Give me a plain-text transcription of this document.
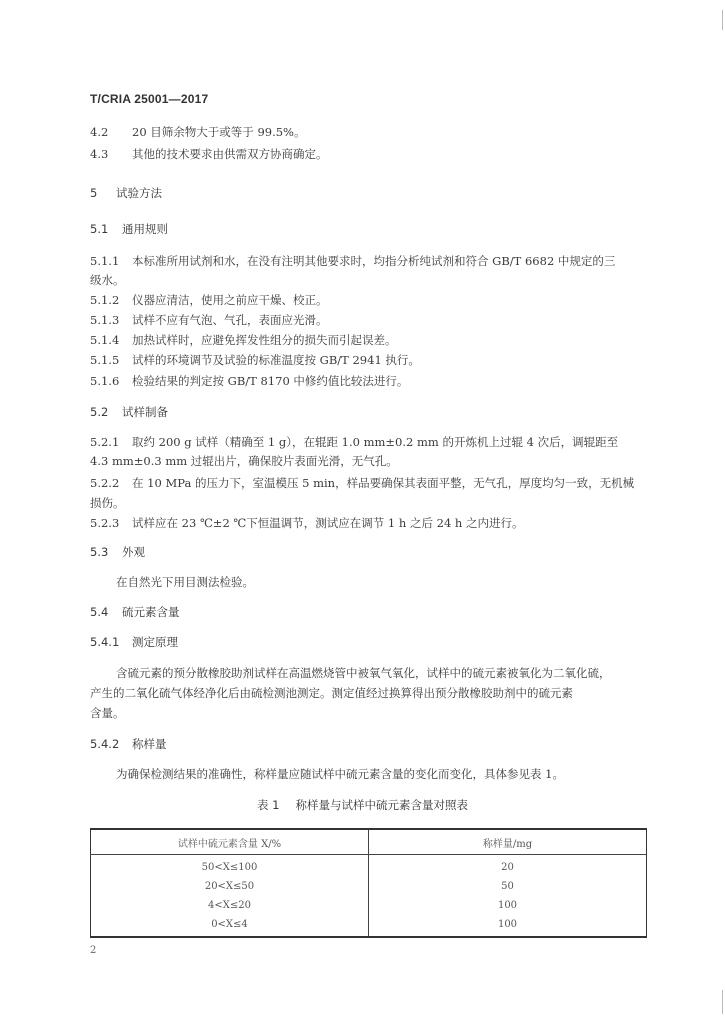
T/CRIA 25001—2017
4.2 20 目筛余物大于或等于 99.5%。
4.3 其他的技术要求由供需双方协商确定。
5 试验方法
5.1 通用规则
5.1.1 本标准所用试剂和水，在没有注明其他要求时，均指分析纯试剂和符合 GB/T 6682 中规定的三
级水。
5.1.2 仪器应清洁，使用之前应干燥、校正。
5.1.3 试样不应有气泡、气孔，表面应光滑。
5.1.4 加热试样时，应避免挥发性组分的损失而引起误差。
5.1.5 试样的环境调节及试验的标准温度按 GB/T 2941 执行。
5.1.6 检验结果的判定按 GB/T 8170 中修约值比较法进行。
5.2 试样制备
5.2.1 取约 200 g 试样（精确至 1 g），在辊距 1.0 mm±0.2 mm 的开炼机上过辊 4 次后，调辊距至
4.3 mm±0.3 mm 过辊出片，确保胶片表面光滑，无气孔。
5.2.2 在 10 MPa 的压力下，室温模压 5 min，样品要确保其表面平整，无气孔，厚度均匀一致，无机械
损伤。
5.2.3 试样应在 23 ℃±2 ℃下恒温调节，测试应在调节 1 h 之后 24 h 之内进行。
5.3 外观
在自然光下用目测法检验。
5.4 硫元素含量
5.4.1 测定原理
含硫元素的预分散橡胶助剂试样在高温燃烧管中被氧气氧化，试样中的硫元素被氧化为二氧化硫，
产生的二氧化硫气体经净化后由硫检测池测定。测定值经过换算得出预分散橡胶助剂中的硫元素
含量。
5.4.2 称样量
为确保检测结果的准确性，称样量应随试样中硫元素含量的变化而变化，具体参见表 1。
表 1 称样量与试样中硫元素含量对照表
试样中硫元素含量 X/%	称样量/mg
50<X≤100	20
20<X≤50	50
4<X≤20	100
0<X≤4	100
2
